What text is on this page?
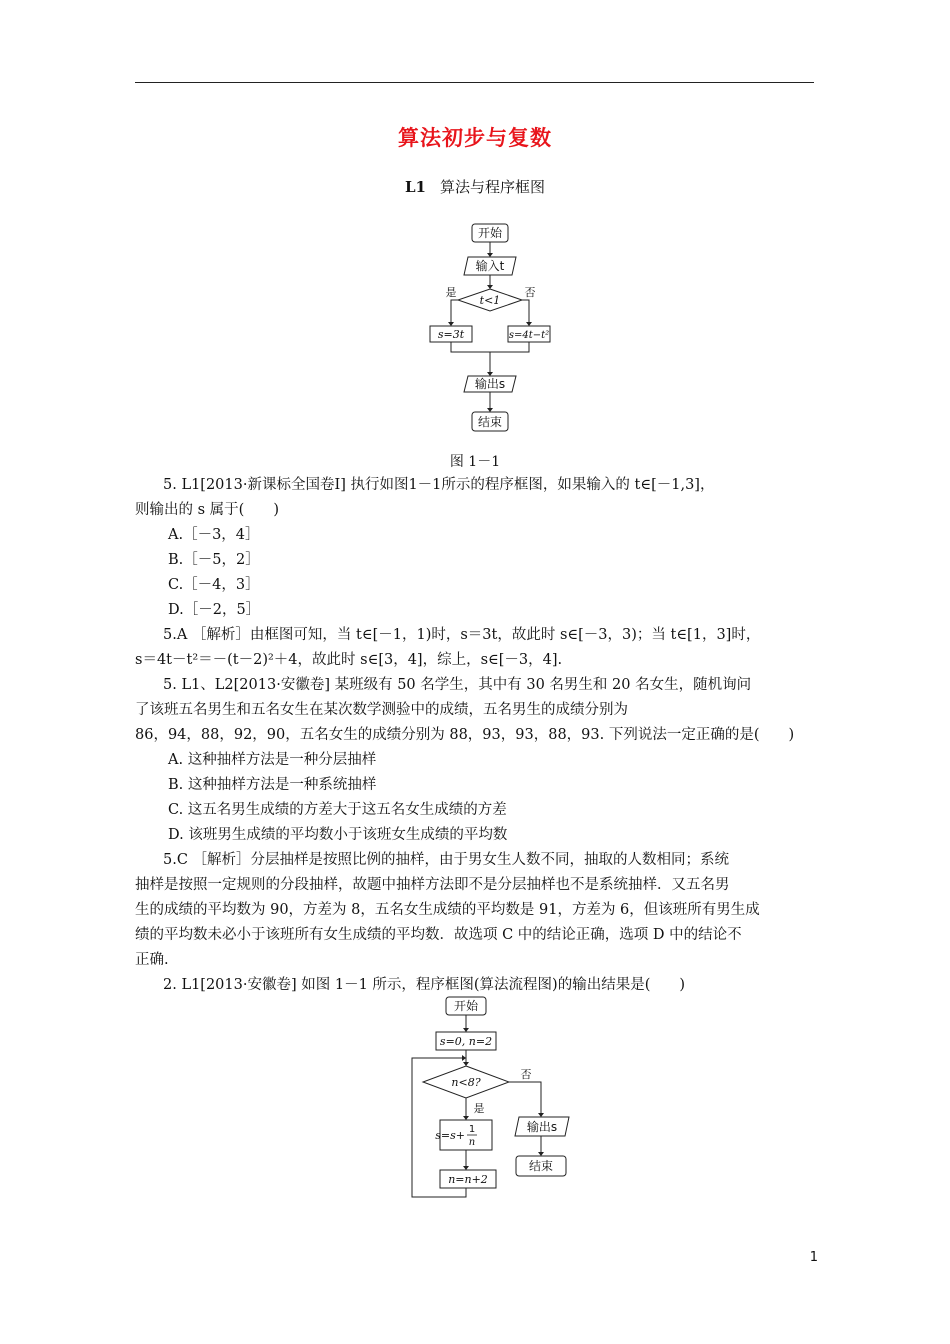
算法初步与复数
L1 算法与程序框图
开始
输入t
t<1
是	否
s=3t	s=4t−t²
输出s
结束
图 1－1
5. L1[2013·新课标全国卷Ⅰ] 执行如图1－1所示的程序框图，如果输入的 t∈[－1,3]，
则输出的 s 属于(　　)
A.［－3，4］
B.［－5，2］
C.［－4，3］
D.［－2，5］
5.A ［解析］由框图可知，当 t∈[－1，1)时，s＝3t，故此时 s∈[－3，3)；当 t∈[1，3]时，
s＝4t－t²＝－(t－2)²＋4，故此时 s∈[3，4]，综上，s∈[－3，4].
5. L1、L2[2013·安徽卷] 某班级有 50 名学生，其中有 30 名男生和 20 名女生，随机询问
了该班五名男生和五名女生在某次数学测验中的成绩，五名男生的成绩分别为
86，94，88，92，90，五名女生的成绩分别为 88，93，93，88，93. 下列说法一定正确的是(　　)
A. 这种抽样方法是一种分层抽样
B. 这种抽样方法是一种系统抽样
C. 这五名男生成绩的方差大于这五名女生成绩的方差
D. 该班男生成绩的平均数小于该班女生成绩的平均数
5.C ［解析］分层抽样是按照比例的抽样，由于男女生人数不同，抽取的人数相同；系统
抽样是按照一定规则的分段抽样，故题中抽样方法即不是分层抽样也不是系统抽样．又五名男
生的成绩的平均数为 90，方差为 8，五名女生成绩的平均数是 91，方差为 6，但该班所有男生成
绩的平均数未必小于该班所有女生成绩的平均数．故选项 C 中的结论正确，选项 D 中的结论不
正确.
2. L1[2013·安徽卷] 如图 1－1 所示，程序框图(算法流程图)的输出结果是(　　)
开始
s=0, n=2
n<8?
是
否
s=s+ 1
n
n=n+2
输出s
结束
1
